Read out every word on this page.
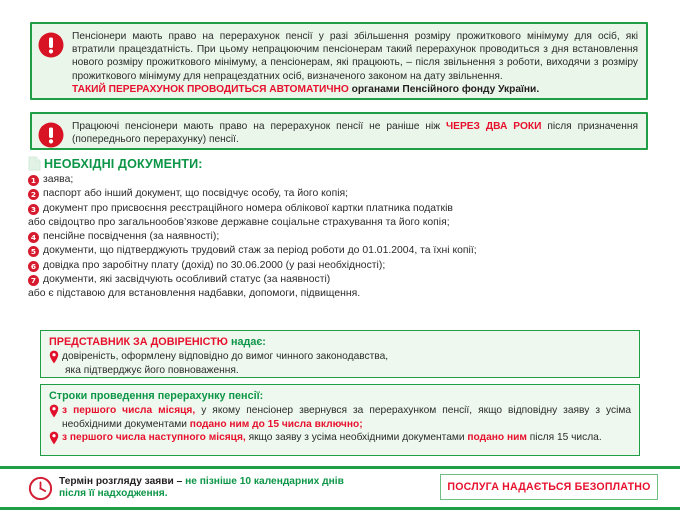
Пенсіонери мають право на перерахунок пенсії у разі збільшення розміру прожиткового мінімуму для осіб, які втратили працездатність. При цьому непрацюючим пенсіонерам такий перерахунок проводиться з дня встановлення нового розміру прожиткового мінімуму, а пенсіонерам, які працюють, – після звільнення з роботи, виходячи з розміру прожиткового мінімуму для непрацездатних осіб, визначеного законом на дату звільнення.

ТАКИЙ ПЕРЕРАХУНОК ПРОВОДИТЬСЯ АВТОМАТИЧНО органами Пенсійного фонду України.

Працюючі пенсіонери мають право на перерахунок пенсії не раніше ніж ЧЕРЕЗ ДВА РОКИ після призначення (попереднього перерахунку) пенсії.

НЕОБХІДНІ ДОКУМЕНТИ:
1 заява;
2 паспорт або інший документ, що посвідчує особу, та його копія;
3 документ про присвоєння реєстраційного номера облікової картки платника податків

або свідоцтво про загальнообов’язкове державне соціальне страхування та його копія;

4 пенсійне посвідчення (за наявності);
5 документи, що підтверджують трудовий стаж за період роботи до 01.01.2004, та їхні копії;
6 довідка про заробітну плату (дохід) по 30.06.2000 (у разі необхідності);
7 документи, які засвідчують особливий статус (за наявності)

або є підставою для встановлення надбавки, допомоги, підвищення.

ПРЕДСТАВНИК ЗА ДОВІРЕНІСТЮ надає:

довіреність, оформлену відповідно до вимог чинного законодавства,
яка підтверджує його повноваження.

Строки проведення перерахунку пенсії:

з першого числа місяця, у якому пенсіонер звернувся за перерахунком пенсії, якщо відповідну заяву з усіма необхідними документами подано ним до 15 числа включно;
з першого числа наступного місяця, якщо заяву з усіма необхідними документами подано ним після 15 числа.
Термін розгляду заяви – не пізніше 10 календарних днів
після її надходження.
ПОСЛУГА НАДАЄТЬСЯ БЕЗОПЛАТНО
